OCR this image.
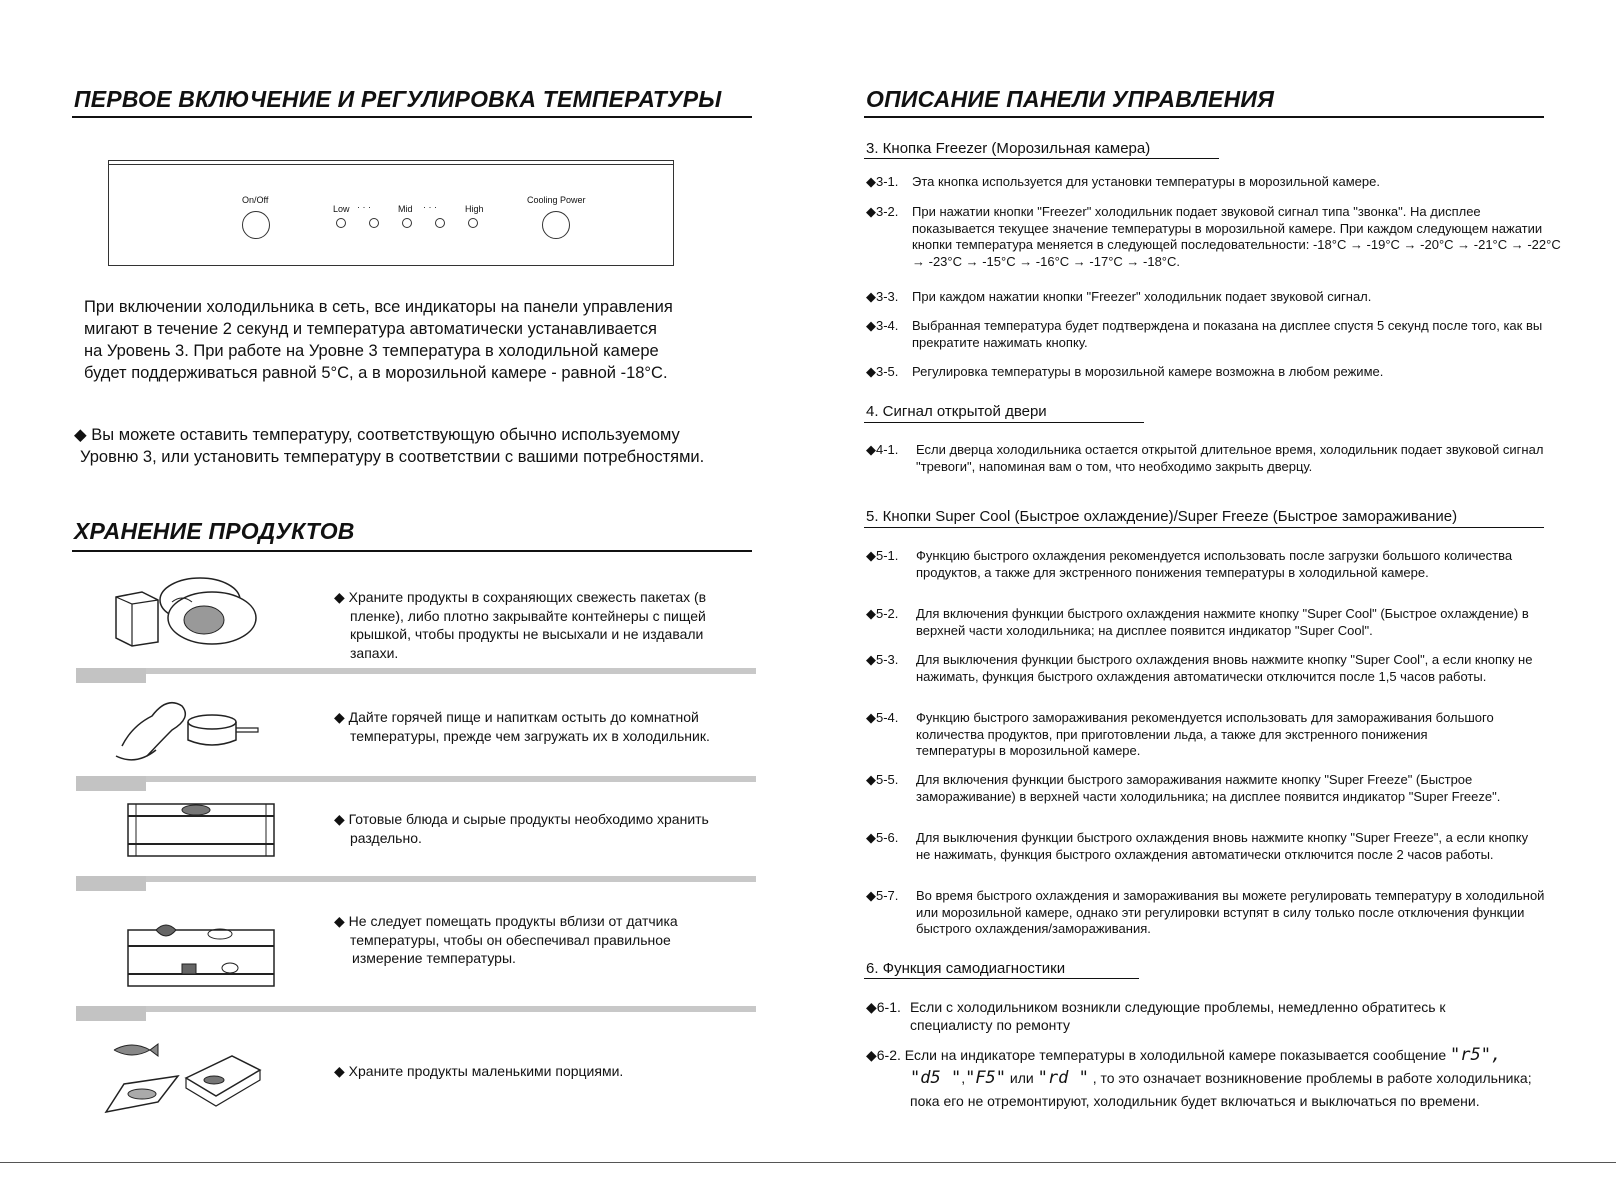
ПЕРВОЕ ВКЛЮЧЕНИЕ И РЕГУЛИРОВКА ТЕМПЕРАТУРЫ
On/Off
Low · · ·	Mid · · ·	High
Cooling Power
При включении холодильника в сеть, все индикаторы на панели управления
мигают в течение 2 секунд и температура автоматически устанавливается
на Уровень 3. При работе на Уровне 3 температура в холодильной камере
будет поддерживаться равной 5°C, а в морозильной камере - равной -18°C.
◆ Вы можете оставить температуру, соответствующую обычно используемому
Уровню 3, или установить температуру в соответствии с вашими потребностями.
ХРАНЕНИЕ ПРОДУКТОВ
◆ Храните продукты в сохраняющих свежесть пакетах (в
пленке), либо плотно закрывайте контейнеры с пищей
крышкой, чтобы продукты не высыхали и не издавали
запахи.
◆ Дайте горячей пище и напиткам остыть до комнатной
температуры, прежде чем загружать их в холодильник.
◆ Готовые блюда и сырые продукты необходимо хранить
раздельно.
◆ Не следует помещать продукты вблизи от датчика
температуры, чтобы он обеспечивал правильное
измерение температуры.
◆ Храните продукты маленькими порциями.
ОПИСАНИЕ ПАНЕЛИ УПРАВЛЕНИЯ
3. Кнопка Freezer (Морозильная камера)
◆3-1. Эта кнопка используется для установки температуры в морозильной камере.
◆3-2. При нажатии кнопки "Freezer" холодильник подает звуковой сигнал типа "звонка". На дисплее показывается текущее значение температуры в морозильной камере. При каждом следующем нажатии кнопки температура меняется в следующей последовательности: -18°C → -19°C → -20°C → -21°C → -22°C → -23°C → -15°C → -16°C → -17°C → -18°C.
◆3-3. При каждом нажатии кнопки "Freezer" холодильник подает звуковой сигнал.
◆3-4. Выбранная температура будет подтверждена и показана на дисплее спустя 5 секунд после того, как вы прекратите нажимать кнопку.
◆3-5. Регулировка температуры в морозильной камере возможна в любом режиме.
4. Сигнал открытой двери
◆4-1. Если дверца холодильника остается открытой длительное время, холодильник подает звуковой сигнал "тревоги", напоминая вам о том, что необходимо закрыть дверцу.
5. Кнопки Super Cool (Быстрое охлаждение)/Super Freeze (Быстрое замораживание)
◆5-1. Функцию быстрого охлаждения рекомендуется использовать после загрузки большого количества продуктов, а также для экстренного понижения температуры в холодильной камере.
◆5-2. Для включения функции быстрого охлаждения нажмите кнопку "Super Cool" (Быстрое охлаждение) в верхней части холодильника; на дисплее появится индикатор "Super Cool".
◆5-3. Для выключения функции быстрого охлаждения вновь нажмите кнопку "Super Cool", а если кнопку не нажимать, функция быстрого охлаждения автоматически отключится после 1,5 часов работы.
◆5-4. Функцию быстрого замораживания рекомендуется использовать для замораживания большого количества продуктов, при приготовлении льда, а также для экстренного понижения температуры в морозильной камере.
◆5-5. Для включения функции быстрого замораживания нажмите кнопку "Super Freeze" (Быстрое замораживание) в верхней части холодильника; на дисплее появится индикатор "Super Freeze".
◆5-6. Для выключения функции быстрого охлаждения вновь нажмите кнопку "Super Freeze", а если кнопку не нажимать, функция быстрого охлаждения автоматически отключится после 2 часов работы.
◆5-7. Во время быстрого охлаждения и замораживания вы можете регулировать температуру в холодильной или морозильной камере, однако эти регулировки вступят в силу только после отключения функции быстрого охлаждения/замораживания.
6. Функция самодиагностики
◆6-1. Если с холодильником возникли следующие проблемы, немедленно обратитесь к
специалисту по ремонту
◆6-2. Если на индикаторе температуры в холодильной камере показывается сообщение "r5",
"d5 ","F5" или "rd " , то это означает возникновение проблемы в работе холодильника;
пока его не отремонтируют, холодильник будет включаться и выключаться по времени.
